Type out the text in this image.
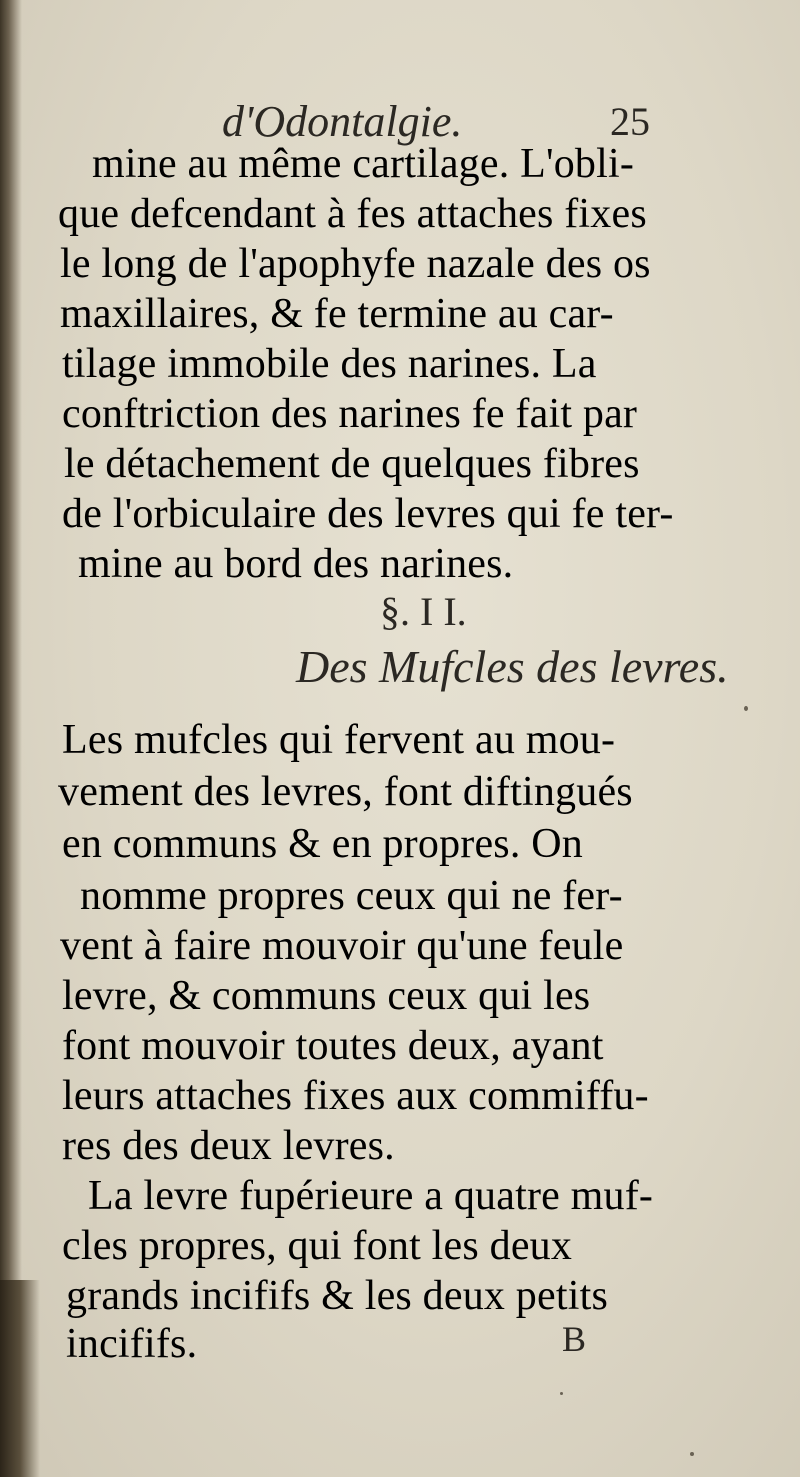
d'Odontalgie.	25
mine au même cartilage. L'obli-
que defcendant à fes attaches fixes
le long de l'apophyfe nazale des os
maxillaires, & fe termine au car-
tilage immobile des narines. La
conftriction des narines fe fait par
le détachement de quelques fibres
de l'orbiculaire des levres qui fe ter-
mine au bord des narines.
§. I I.
Des Mufcles des levres.
Les mufcles qui fervent au mou-
vement des levres, font diftingués
en communs & en propres. On
nomme propres ceux qui ne fer-
vent à faire mouvoir qu'une feule
levre, & communs ceux qui les
font mouvoir toutes deux, ayant
leurs attaches fixes aux commiffu-
res des deux levres.
La levre fupérieure a quatre muf-
cles propres, qui font les deux
grands incififs & les deux petits
incififs.	B
